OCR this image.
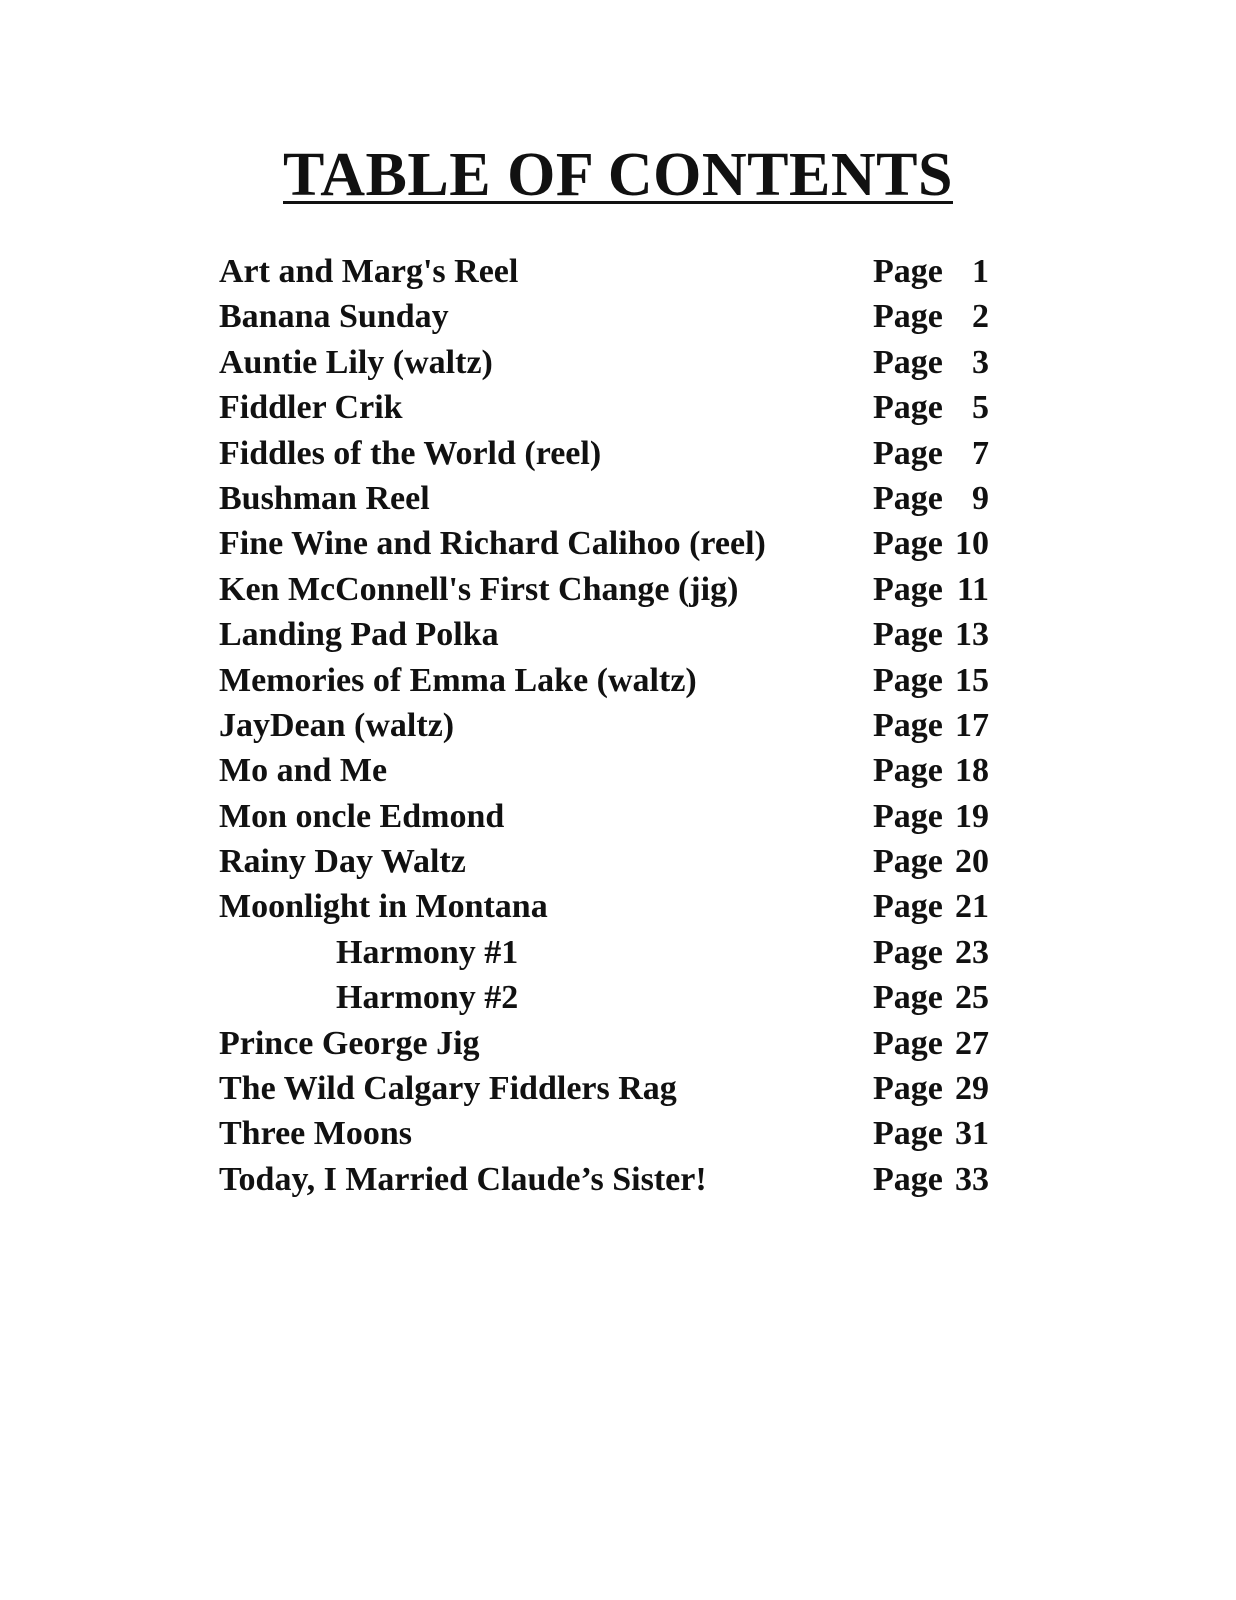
TABLE OF CONTENTS
Art and Marg's Reel	Page 1
Banana Sunday	Page 2
Auntie Lily (waltz)	Page 3
Fiddler Crik	Page 5
Fiddles of the World (reel)	Page 7
Bushman Reel	Page 9
Fine Wine and Richard Calihoo (reel)	Page 10
Ken McConnell's First Change (jig)	Page 11
Landing Pad Polka	Page 13
Memories of Emma Lake (waltz)	Page 15
JayDean (waltz)	Page 17
Mo and Me	Page 18
Mon oncle Edmond	Page 19
Rainy Day Waltz	Page 20
Moonlight in Montana	Page 21
Harmony #1	Page 23
Harmony #2	Page 25
Prince George Jig	Page 27
The Wild Calgary Fiddlers Rag	Page 29
Three Moons	Page 31
Today, I Married Claude’s Sister!	Page 33
